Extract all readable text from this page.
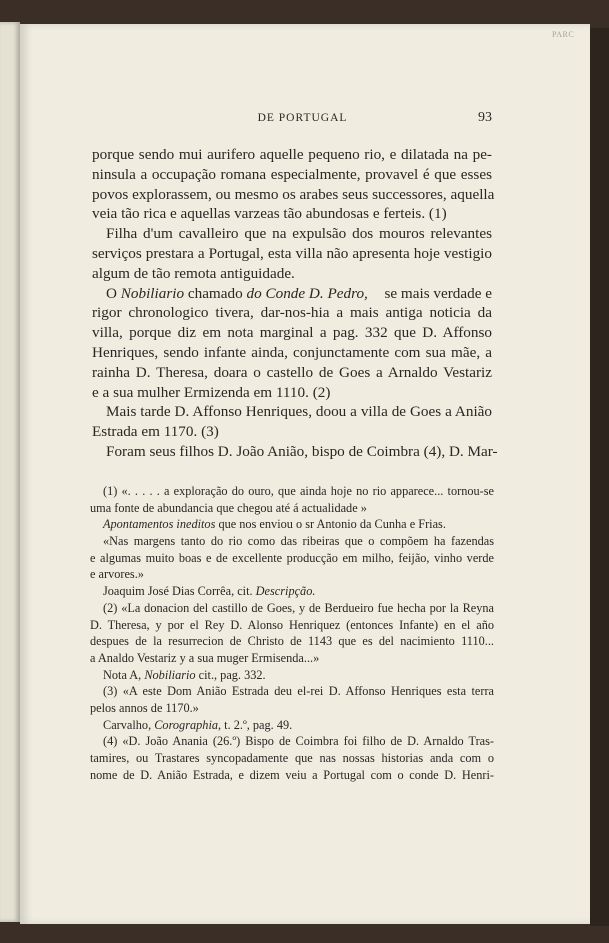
PARC
DE PORTUGAL	93
porque sendo mui aurifero aquelle pequeno rio, e dilatada na pe-
ninsula a occupação romana especialmente, provavel é que esses
povos explorassem, ou mesmo os arabes seus successores, aquella
veia tão rica e aquellas varzeas tão abundosas e ferteis. (1)
Filha d'um cavalleiro que na expulsão dos mouros relevantes
serviços prestara a Portugal, esta villa não apresenta hoje vestigio
algum de tão remota antiguidade.
O Nobiliario chamado do Conde D. Pedro, se mais verdade e
rigor chronologico tivera, dar-nos-hia a mais antiga noticia da
villa, porque diz em nota marginal a pag. 332 que D. Affonso
Henriques, sendo infante ainda, conjunctamente com sua mãe, a
rainha D. Theresa, doara o castello de Goes a Arnaldo Vestariz
e a sua mulher Ermizenda em 1110. (2)
Mais tarde D. Affonso Henriques, doou a villa de Goes a Anião
Estrada em 1170. (3)
Foram seus filhos D. João Anião, bispo de Coimbra (4), D. Mar-
(1) «. . . . . a exploração do ouro, que ainda hoje no rio apparece... tornou-se
uma fonte de abundancia que chegou até á actualidade »
Apontamentos ineditos que nos enviou o sr Antonio da Cunha e Frias.
«Nas margens tanto do rio como das ribeiras que o compõem ha fazendas
e algumas muito boas e de excellente producção em milho, feijão, vinho verde
e arvores.»
Joaquim José Dias Corrêa, cit. Descripção.
(2) «La donacion del castillo de Goes, y de Berdueiro fue hecha por la Reyna
D. Theresa, y por el Rey D. Alonso Henriquez (entonces Infante) en el año
despues de la resurrecion de Christo de 1143 que es del nacimiento 1110...
a Analdo Vestariz y a sua muger Ermisenda...»
Nota A, Nobiliario cit., pag. 332.
(3) «A este Dom Anião Estrada deu el-rei D. Affonso Henriques esta terra
pelos annos de 1170.»
Carvalho, Corographia, t. 2.º, pag. 49.
(4) «D. João Anania (26.º) Bispo de Coimbra foi filho de D. Arnaldo Tras-
tamires, ou Trastares syncopadamente que nas nossas historias anda com o
nome de D. Anião Estrada, e dizem veiu a Portugal com o conde D. Henri-
